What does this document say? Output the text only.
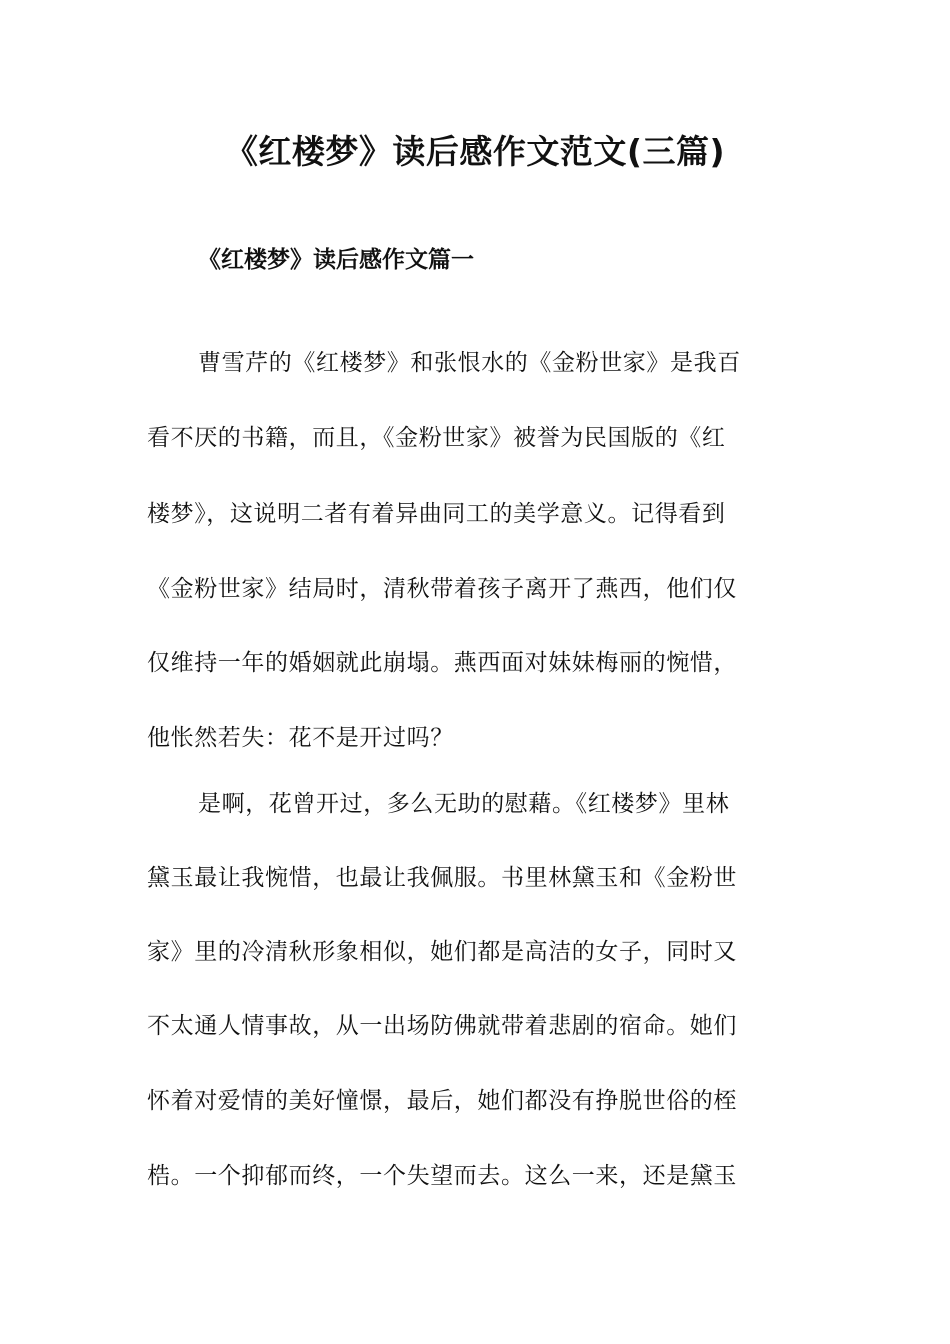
《红楼梦》读后感作文范文(三篇)
《红楼梦》读后感作文篇一

曹雪芹的《红楼梦》和张恨水的《金粉世家》是我百

看不厌的书籍，而且，《金粉世家》被誉为民国版的《红

楼梦》，这说明二者有着异曲同工的美学意义。记得看到

《金粉世家》结局时，清秋带着孩子离开了燕西，他们仅

仅维持一年的婚姻就此崩塌。燕西面对妹妹梅丽的惋惜，

他怅然若失：花不是开过吗？

是啊，花曾开过，多么无助的慰藉。《红楼梦》里林

黛玉最让我惋惜，也最让我佩服。书里林黛玉和《金粉世

家》里的冷清秋形象相似，她们都是高洁的女子，同时又

不太通人情事故，从一出场防佛就带着悲剧的宿命。她们

怀着对爱情的美好憧憬，最后，她们都没有挣脱世俗的桎

梏。一个抑郁而终，一个失望而去。这么一来，还是黛玉
